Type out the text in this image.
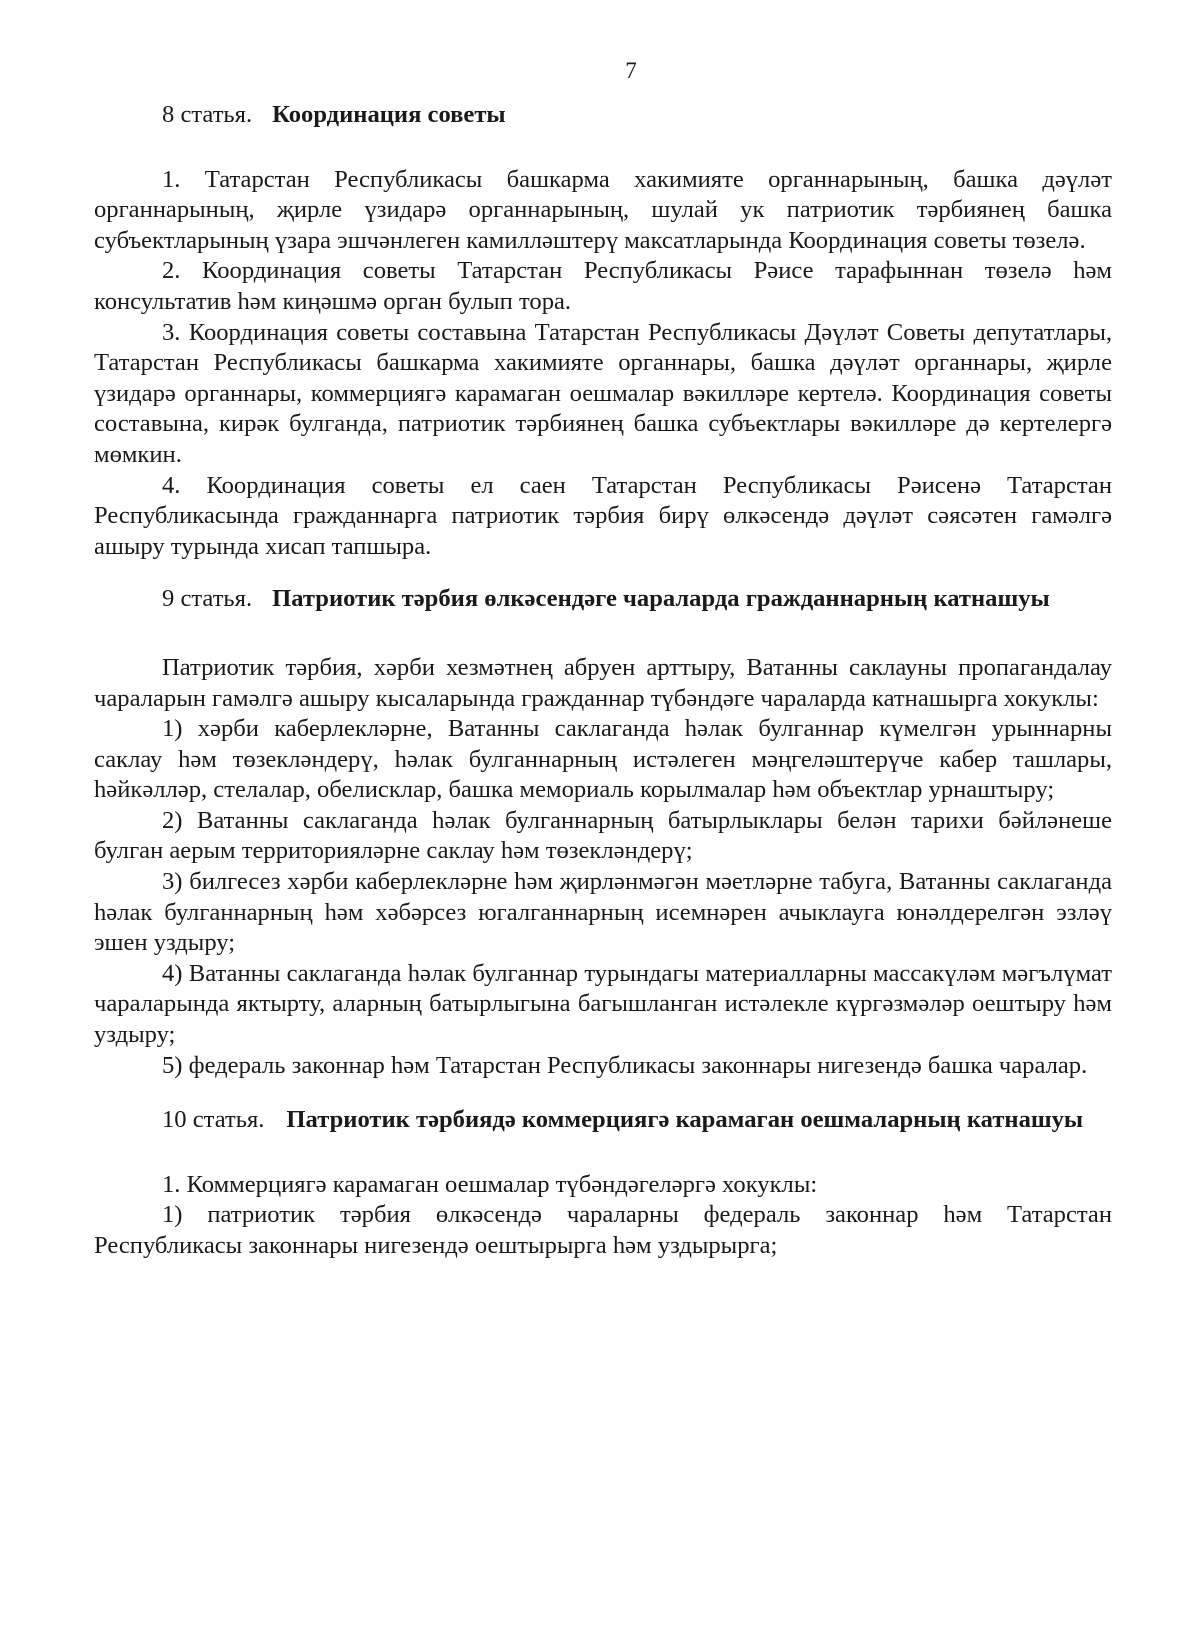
7
8 статья. Координация советы

1. Татарстан Республикасы башкарма хакимияте органнарының, башка дәүләт органнарының, җирле үзидарә органнарының, шулай ук патриотик тәрбиянең башка субъектларының үзара эшчәнлеген камилләштерү максатларында Координация советы төзелә.

2. Координация советы Татарстан Республикасы Рәисе тарафыннан төзелә һәм консультатив һәм киңәшмә орган булып тора.

3. Координация советы составына Татарстан Республикасы Дәүләт Советы депутатлары, Татарстан Республикасы башкарма хакимияте органнары, башка дәүләт органнары, җирле үзидарә органнары, коммерциягә карамаган оешмалар вәкилләре кертелә. Координация советы составына, кирәк булганда, патриотик тәрбиянең башка субъектлары вәкилләре дә кертелергә мөмкин.

4. Координация советы ел саен Татарстан Республикасы Рәисенә Татарстан Республикасында гражданнарга патриотик тәрбия бирү өлкәсендә дәүләт сәясәтен гамәлгә ашыру турында хисап тапшыра.

9 статья. Патриотик тәрбия өлкәсендәге чараларда гражданнарның катнашуы

Патриотик тәрбия, хәрби хезмәтнең абруен арттыру, Ватанны саклауны пропагандалау чараларын гамәлгә ашыру кысаларында гражданнар түбәндәге чараларда катнашырга хокуклы:

1) хәрби каберлекләрне, Ватанны саклаганда һәлак булганнар күмелгән урыннарны саклау һәм төзекләндерү, һәлак булганнарның истәлеген мәңгеләштерүче кабер ташлары, һәйкәлләр, стелалар, обелисклар, башка мемориаль корылмалар һәм объектлар урнаштыру;

2) Ватанны саклаганда һәлак булганнарның батырлыклары белән тарихи бәйләнеше булган аерым территорияләрне саклау һәм төзекләндерү;

3) билгесез хәрби каберлекләрне һәм җирләнмәгән мәетләрне табуга, Ватанны саклаганда һәлак булганнарның һәм хәбәрсез югалганнарның исемнәрен ачыклауга юнәлдерелгән эзләү эшен уздыру;

4) Ватанны саклаганда һәлак булганнар турындагы материалларны массакүләм мәгълүмат чараларында яктырту, аларның батырлыгына багышланган истәлекле күргәзмәләр оештыру һәм уздыру;

5) федераль законнар һәм Татарстан Республикасы законнары нигезендә башка чаралар.

10 статья. Патриотик тәрбиядә коммерциягә карамаган оешмаларның катнашуы

1. Коммерциягә карамаган оешмалар түбәндәгеләргә хокуклы:

1) патриотик тәрбия өлкәсендә чараларны федераль законнар һәм Татарстан Республикасы законнары нигезендә оештырырга һәм уздырырга;
